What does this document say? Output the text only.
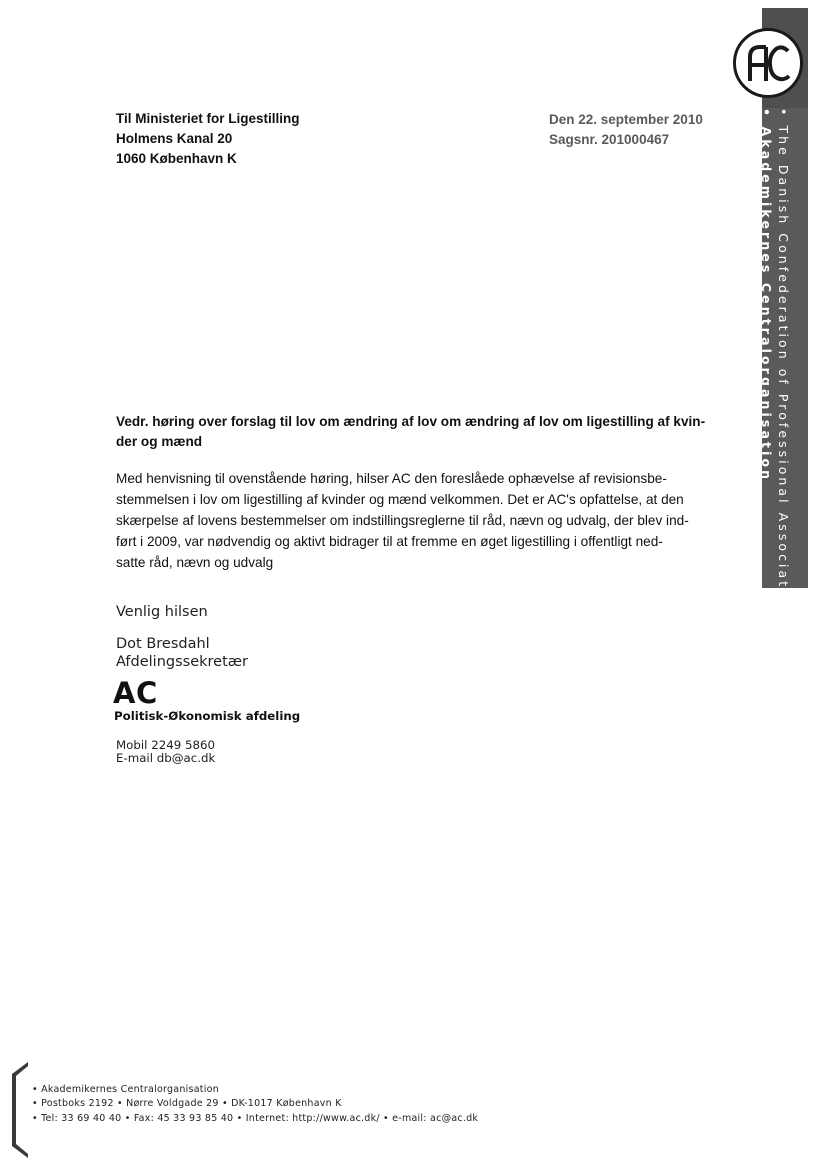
• The Danish Confederation of Professional Associations
• Akademikernes Centralorganisation
Til Ministeriet for Ligestilling
Holmens Kanal 20
1060 København K
Den 22. september 2010
Sagsnr. 201000467
Vedr. høring over forslag til lov om ændring af lov om ændring af lov om ligestilling af kvin-
der og mænd
Med henvisning til ovenstående høring, hilser AC den foreslåede ophævelse af revisionsbe-
stemmelsen i lov om ligestilling af kvinder og mænd velkommen. Det er AC's opfattelse, at den
skærpelse af lovens bestemmelser om indstillingsreglerne til råd, nævn og udvalg, der blev ind-
ført i 2009, var nødvendig og aktivt bidrager til at fremme en øget ligestilling i offentligt ned-
satte råd, nævn og udvalg
Venlig hilsen
Dot Bresdahl
Afdelingssekretær
AC
Politisk-Økonomisk afdeling
Mobil 2249 5860
E-mail db@ac.dk
• Akademikernes Centralorganisation
• Postboks 2192 • Nørre Voldgade 29 • DK-1017 København K
• Tel: 33 69 40 40 • Fax: 45 33 93 85 40 • Internet: http://www.ac.dk/ • e-mail: ac@ac.dk
